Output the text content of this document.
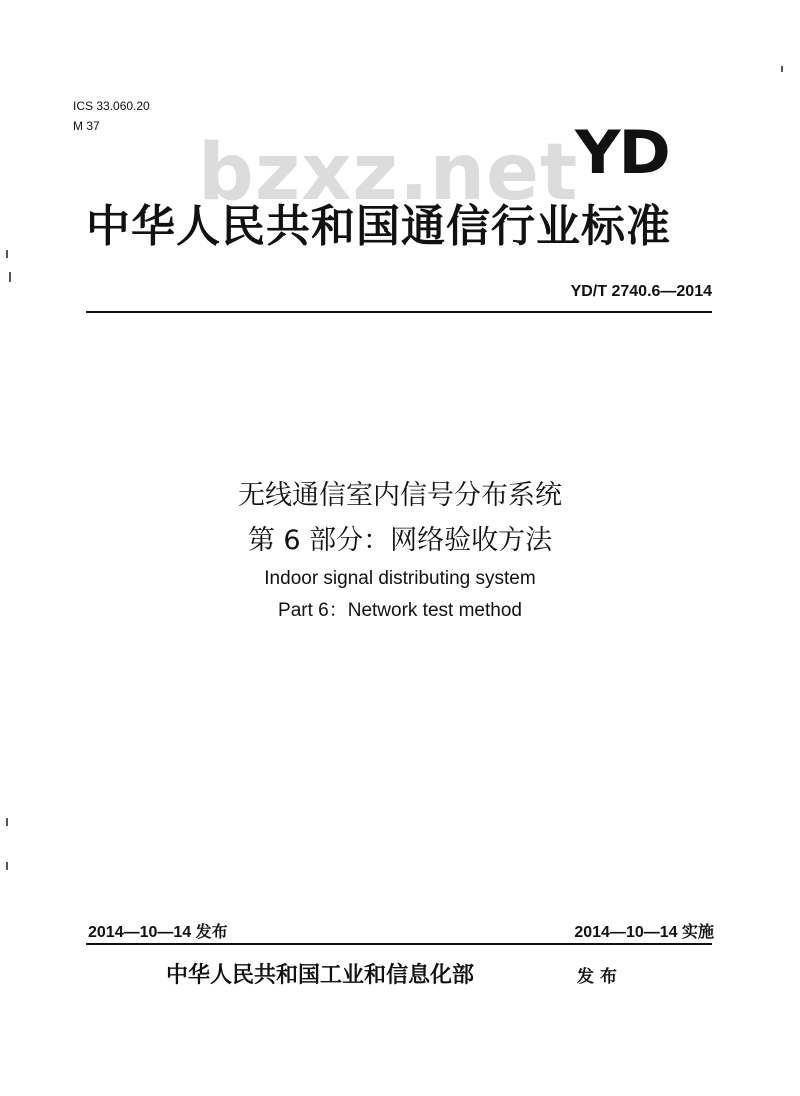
ICS 33.060.20
M 37
bzxz.net
YD
中华人民共和国通信行业标准
YD/T 2740.6—2014
无线通信室内信号分布系统
第 6 部分：网络验收方法
Indoor signal distributing system
Part 6：Network test method
2014—10—14 发布	2014—10—14 实施
中华人民共和国工业和信息化部	发布
